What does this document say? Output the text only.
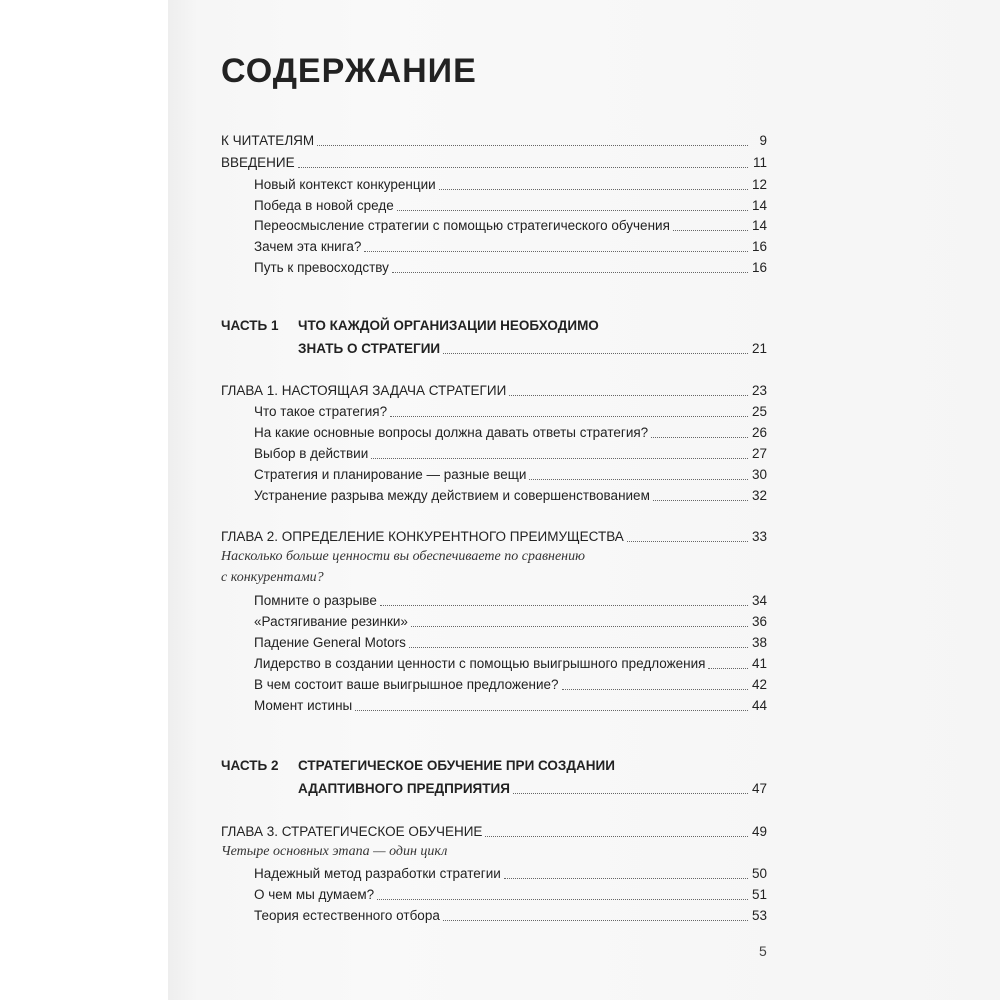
СОДЕРЖАНИЕ
К ЧИТАТЕЛЯМ	9
ВВЕДЕНИЕ	11
Новый контекст конкуренции	12
Победа в новой среде	14
Переосмысление стратегии с помощью стратегического обучения	14
Зачем эта книга?	16
Путь к превосходству	16
ЧАСТЬ 1 ЧТО КАЖДОЙ ОРГАНИЗАЦИИ НЕОБХОДИМО
ЗНАТЬ О СТРАТЕГИИ	21
ГЛАВА 1. НАСТОЯЩАЯ ЗАДАЧА СТРАТЕГИИ	23
Что такое стратегия?	25
На какие основные вопросы должна давать ответы стратегия?	26
Выбор в действии	27
Стратегия и планирование — разные вещи	30
Устранение разрыва между действием и совершенствованием	32
ГЛАВА 2. ОПРЕДЕЛЕНИЕ КОНКУРЕНТНОГО ПРЕИМУЩЕСТВА	33
Насколько больше ценности вы обеспечиваете по сравнению
с конкурентами?
Помните о разрыве	34
«Растягивание резинки»	36
Падение General Motors	38
Лидерство в создании ценности с помощью выигрышного предложения	41
В чем состоит ваше выигрышное предложение?	42
Момент истины	44
ЧАСТЬ 2 СТРАТЕГИЧЕСКОЕ ОБУЧЕНИЕ ПРИ СОЗДАНИИ
АДАПТИВНОГО ПРЕДПРИЯТИЯ	47
ГЛАВА 3. СТРАТЕГИЧЕСКОЕ ОБУЧЕНИЕ	49
Четыре основных этапа — один цикл
Надежный метод разработки стратегии	50
О чем мы думаем?	51
Теория естественного отбора	53
5
